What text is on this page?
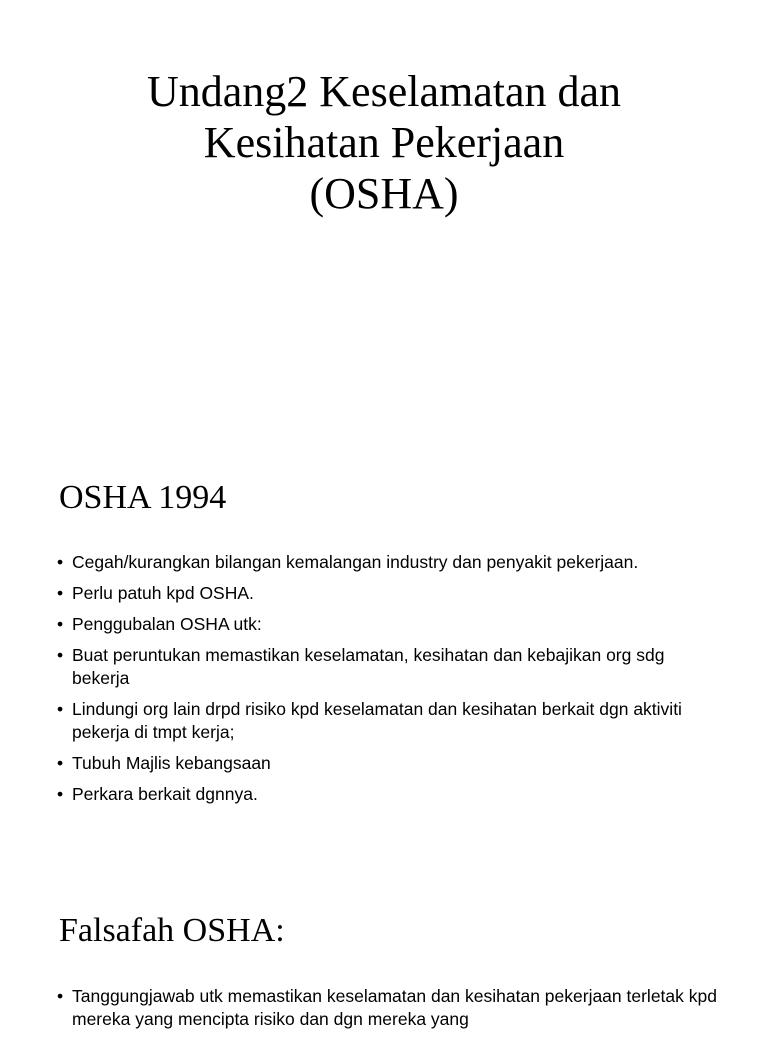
Undang2 Keselamatan dan
Kesihatan Pekerjaan
(OSHA)
OSHA 1994
• Cegah/kurangkan bilangan kemalangan industry dan penyakit pekerjaan.
• Perlu patuh kpd OSHA.
• Penggubalan OSHA utk:
• Buat peruntukan memastikan keselamatan, kesihatan dan kebajikan org sdg bekerja
• Lindungi org lain drpd risiko kpd keselamatan dan kesihatan berkait dgn aktiviti pekerja di tmpt kerja;
• Tubuh Majlis kebangsaan
• Perkara berkait dgnnya.
Falsafah OSHA:
• Tanggungjawab utk memastikan keselamatan dan kesihatan pekerjaan terletak kpd mereka yang mencipta risiko dan dgn mereka yang
